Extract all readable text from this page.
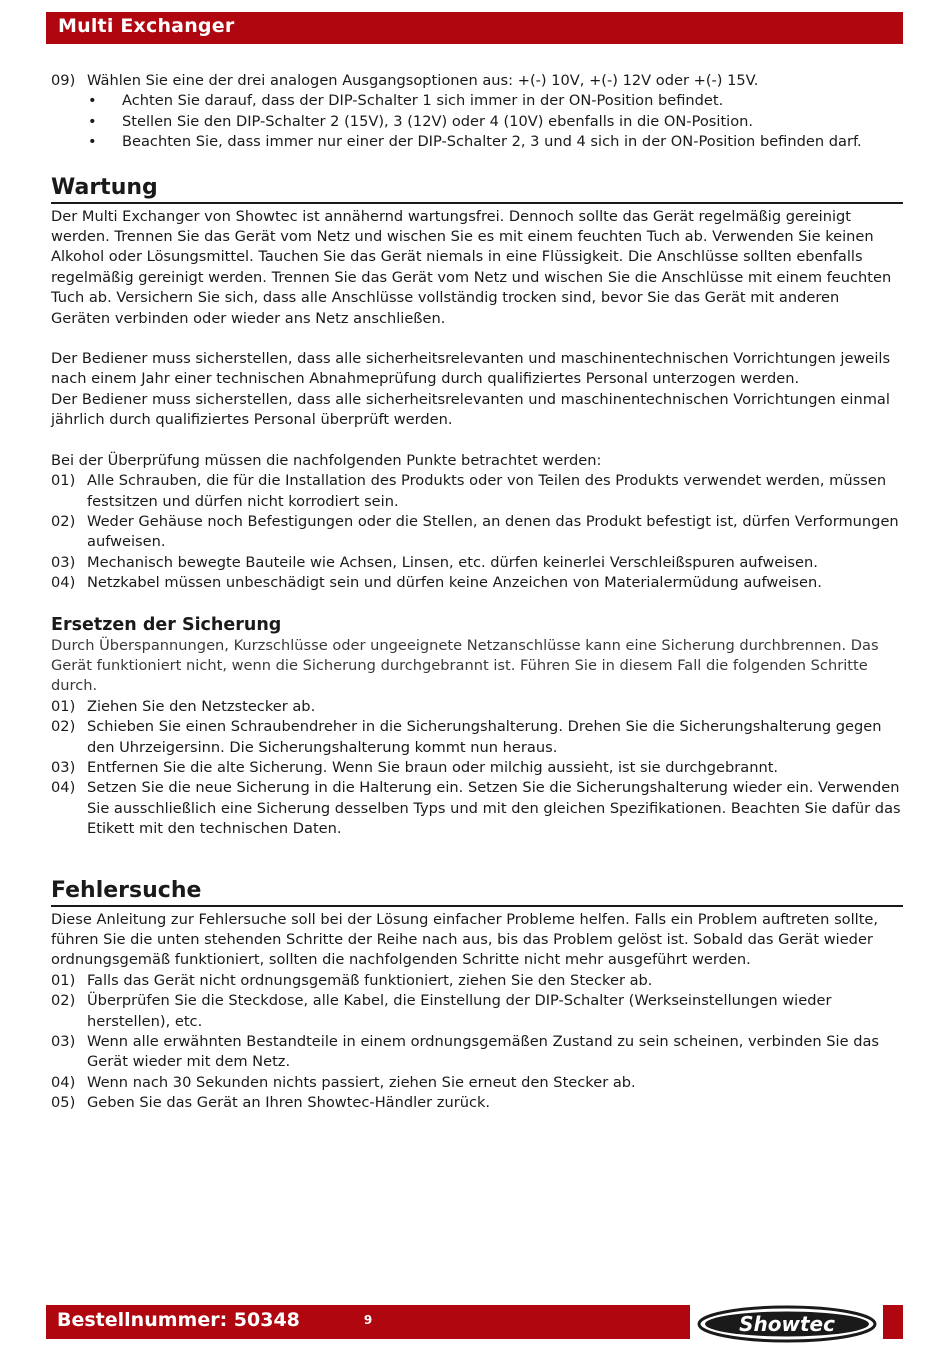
Multi Exchanger
09) Wählen Sie eine der drei analogen Ausgangsoptionen aus: +(-) 10V, +(-) 12V oder +(-) 15V.
•	Achten Sie darauf, dass der DIP-Schalter 1 sich immer in der ON-Position befindet.
•	Stellen Sie den DIP-Schalter 2 (15V), 3 (12V) oder 4 (10V) ebenfalls in die ON-Position.
•	Beachten Sie, dass immer nur einer der DIP-Schalter 2, 3 und 4 sich in der ON-Position befinden darf.
Wartung

Der Multi Exchanger von Showtec ist annähernd wartungsfrei. Dennoch sollte das Gerät regelmäßig gereinigt werden. Trennen Sie das Gerät vom Netz und wischen Sie es mit einem feuchten Tuch ab. Verwenden Sie keinen Alkohol oder Lösungsmittel. Tauchen Sie das Gerät niemals in eine Flüssigkeit. Die Anschlüsse sollten ebenfalls regelmäßig gereinigt werden. Trennen Sie das Gerät vom Netz und wischen Sie die Anschlüsse mit einem feuchten Tuch ab. Versichern Sie sich, dass alle Anschlüsse vollständig trocken sind, bevor Sie das Gerät mit anderen Geräten verbinden oder wieder ans Netz anschließen.

Der Bediener muss sicherstellen, dass alle sicherheitsrelevanten und maschinentechnischen Vorrichtungen jeweils nach einem Jahr einer technischen Abnahmeprüfung durch qualifiziertes Personal unterzogen werden.

Der Bediener muss sicherstellen, dass alle sicherheitsrelevanten und maschinentechnischen Vorrichtungen einmal jährlich durch qualifiziertes Personal überprüft werden.

Bei der Überprüfung müssen die nachfolgenden Punkte betrachtet werden:

01) Alle Schrauben, die für die Installation des Produkts oder von Teilen des Produkts verwendet werden, müssen festsitzen und dürfen nicht korrodiert sein.
02) Weder Gehäuse noch Befestigungen oder die Stellen, an denen das Produkt befestigt ist, dürfen Verformungen aufweisen.
03) Mechanisch bewegte Bauteile wie Achsen, Linsen, etc. dürfen keinerlei Verschleißspuren aufweisen.
04) Netzkabel müssen unbeschädigt sein und dürfen keine Anzeichen von Materialermüdung aufweisen.
Ersetzen der Sicherung

Durch Überspannungen, Kurzschlüsse oder ungeeignete Netzanschlüsse kann eine Sicherung durchbrennen. Das Gerät funktioniert nicht, wenn die Sicherung durchgebrannt ist. Führen Sie in diesem Fall die folgenden Schritte durch.

01) Ziehen Sie den Netzstecker ab.
02) Schieben Sie einen Schraubendreher in die Sicherungshalterung. Drehen Sie die Sicherungshalterung gegen den Uhrzeigersinn. Die Sicherungshalterung kommt nun heraus.
03) Entfernen Sie die alte Sicherung. Wenn Sie braun oder milchig aussieht, ist sie durchgebrannt.
04) Setzen Sie die neue Sicherung in die Halterung ein. Setzen Sie die Sicherungshalterung wieder ein. Verwenden Sie ausschließlich eine Sicherung desselben Typs und mit den gleichen Spezifikationen. Beachten Sie dafür das Etikett mit den technischen Daten.
Fehlersuche

Diese Anleitung zur Fehlersuche soll bei der Lösung einfacher Probleme helfen. Falls ein Problem auftreten sollte, führen Sie die unten stehenden Schritte der Reihe nach aus, bis das Problem gelöst ist. Sobald das Gerät wieder ordnungsgemäß funktioniert, sollten die nachfolgenden Schritte nicht mehr ausgeführt werden.

01) Falls das Gerät nicht ordnungsgemäß funktioniert, ziehen Sie den Stecker ab.
02) Überprüfen Sie die Steckdose, alle Kabel, die Einstellung der DIP-Schalter (Werkseinstellungen wieder herstellen), etc.
03) Wenn alle erwähnten Bestandteile in einem ordnungsgemäßen Zustand zu sein scheinen, verbinden Sie das Gerät wieder mit dem Netz.
04) Wenn nach 30 Sekunden nichts passiert, ziehen Sie erneut den Stecker ab.
05) Geben Sie das Gerät an Ihren Showtec-Händler zurück.
Bestellnummer: 50348	9	Showtec
